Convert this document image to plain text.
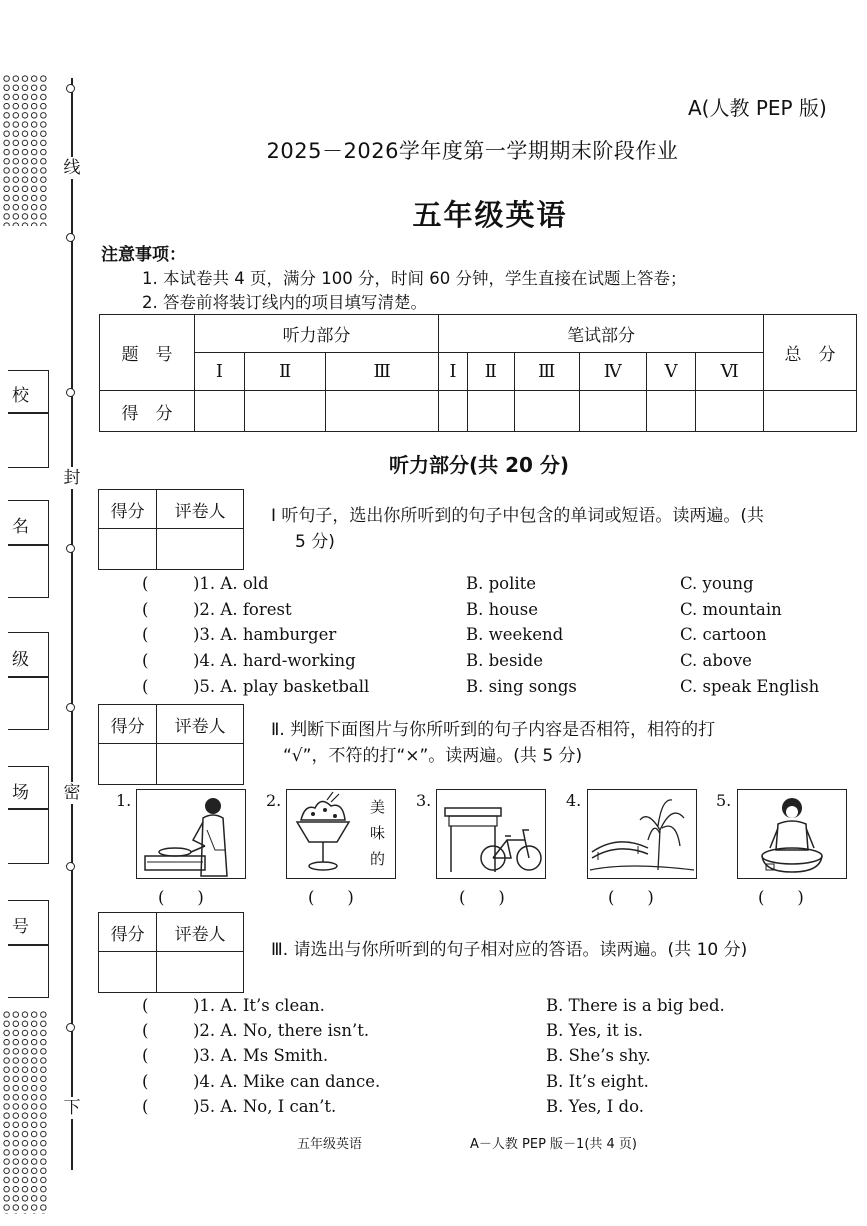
线
封
密
下
校
名
级
场
号
A(人教 PEP 版)
2025－2026学年度第一学期期末阶段作业
五年级英语
注意事项：
1. 本试卷共 4 页，满分 100 分，时间 60 分钟，学生直接在试题上答卷；
2. 答卷前将装订线内的项目填写清楚。
题　号	听力部分			笔试部分						总　分
	Ⅰ	Ⅱ	Ⅲ	Ⅰ	Ⅱ	Ⅲ	Ⅳ	Ⅴ	Ⅵ	
得　分										
听力部分(共 20 分)
得分	评卷人
		Ⅰ 听句子，选出你所听到的句子中包含的单词或短语。读两遍。(共
5 分)
(	)1. A. old	B. polite	C. young
(	)2. A. forest	B. house	C. mountain
(	)3. A. hamburger	B. weekend	C. cartoon
(	)4. A. hard-working	B. beside	C. above
(	)5. A. play basketball	B. sing songs	C. speak English
得分	评卷人
		Ⅱ. 判断下面图片与你所听到的句子内容是否相符，相符的打
“√”，不符的打“×”。读两遍。(共 5 分)
1.
(　　)
2.	美
味
的
(　　)
3.
(　　)
4.
(　　)
5.
(　　)
得分	评卷人

Ⅲ. 请选出与你所听到的句子相对应的答语。读两遍。(共 10 分)
(	)1. A. It’s clean.	B. There is a big bed.
(	)2. A. No, there isn’t.	B. Yes, it is.
(	)3. A. Ms Smith.	B. She’s shy.
(	)4. A. Mike can dance.	B. It’s eight.
(	)5. A. No, I can’t.	B. Yes, I do.
五年级英语	A－人教 PEP 版－1(共 4 页)
